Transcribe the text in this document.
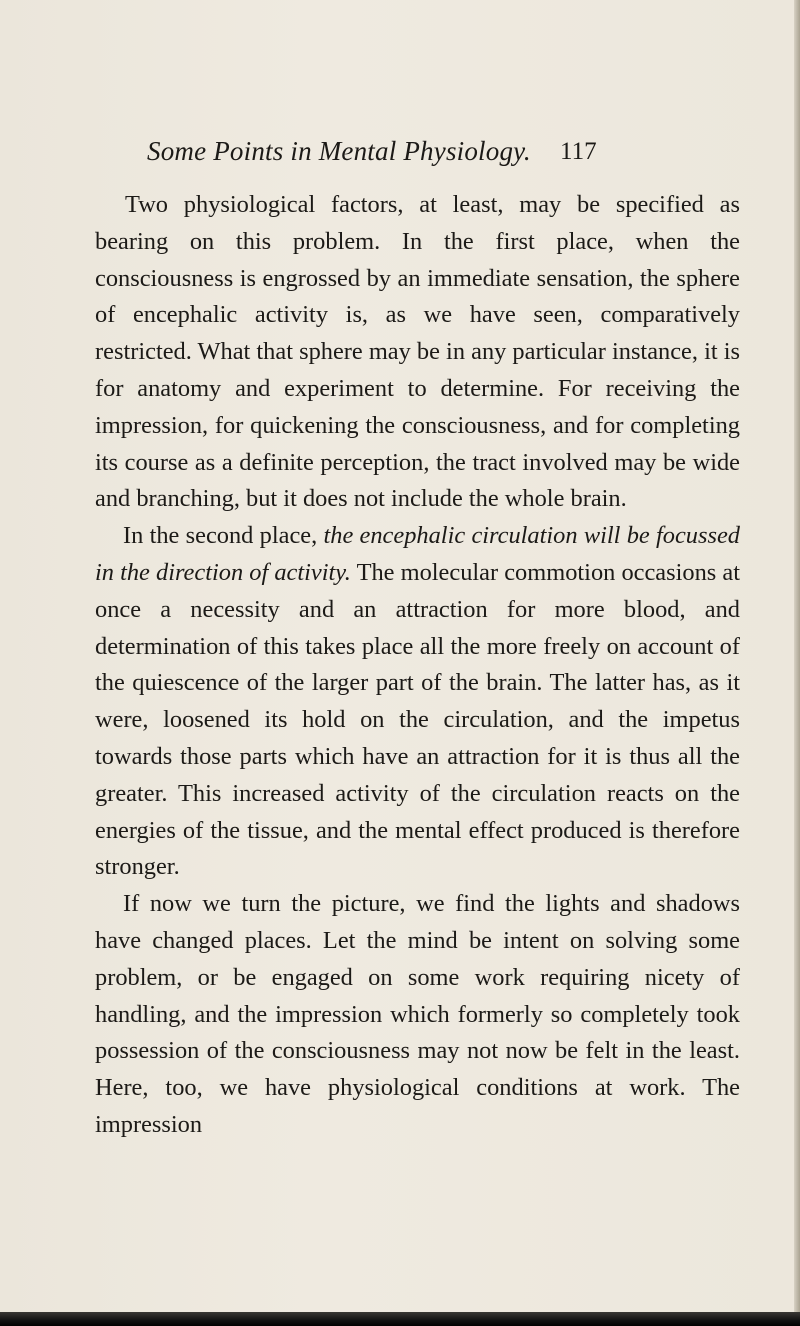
Some Points in Mental Physiology. 117

Two physiological factors, at least, may be specified as bearing on this problem. In the first place, when the consciousness is engrossed by an immediate sensation, the sphere of encephalic activity is, as we have seen, comparatively restricted. What that sphere may be in any particular instance, it is for anatomy and experiment to determine. For receiving the impression, for quickening the consciousness, and for completing its course as a definite perception, the tract involved may be wide and branching, but it does not include the whole brain.

In the second place, the encephalic circulation will be focussed in the direction of activity. The molecular commotion occasions at once a necessity and an attraction for more blood, and determination of this takes place all the more freely on account of the quiescence of the larger part of the brain. The latter has, as it were, loosened its hold on the circulation, and the impetus towards those parts which have an attraction for it is thus all the greater. This increased activity of the circulation reacts on the energies of the tissue, and the mental effect produced is therefore stronger.

If now we turn the picture, we find the lights and shadows have changed places. Let the mind be intent on solving some problem, or be engaged on some work requiring nicety of handling, and the impression which formerly so completely took possession of the consciousness may not now be felt in the least. Here, too, we have physiological conditions at work. The impression
